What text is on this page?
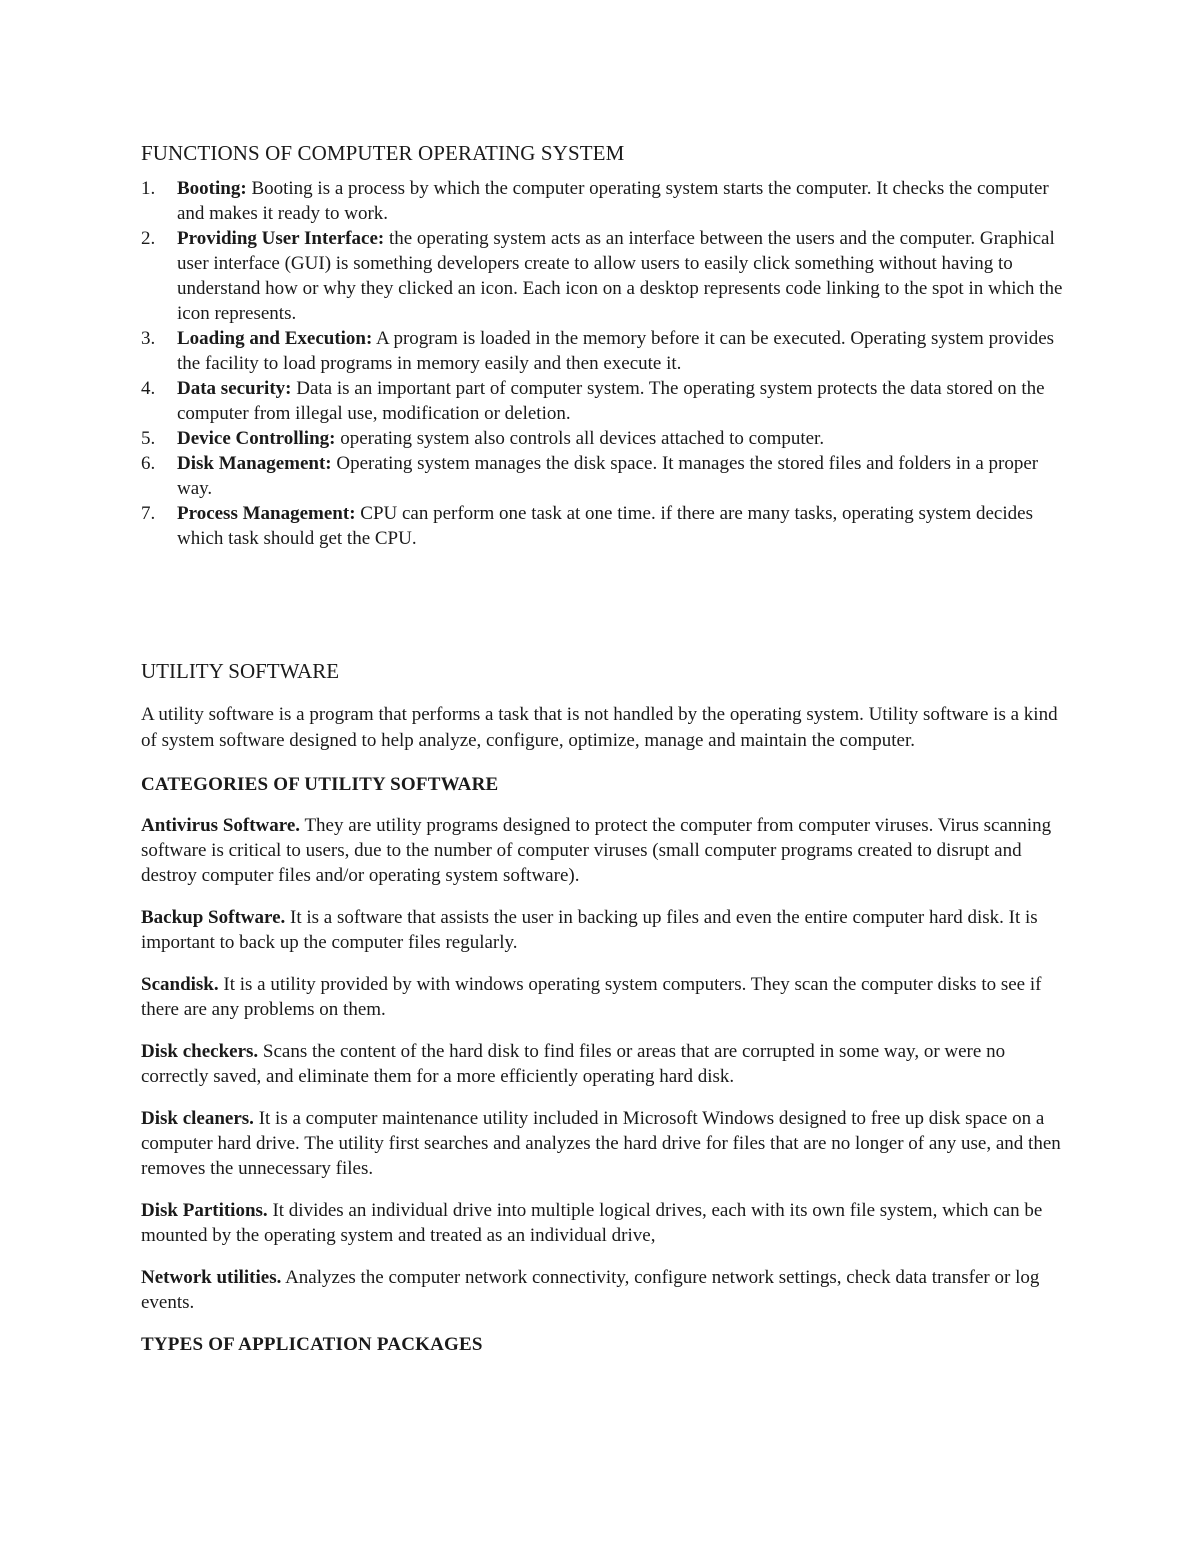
FUNCTIONS OF COMPUTER OPERATING SYSTEM
1. Booting: Booting is a process by which the computer operating system starts the computer. It checks the computer and makes it ready to work.
2. Providing User Interface: the operating system acts as an interface between the users and the computer. Graphical user interface (GUI) is something developers create to allow users to easily click something without having to understand how or why they clicked an icon. Each icon on a desktop represents code linking to the spot in which the icon represents.
3. Loading and Execution: A program is loaded in the memory before it can be executed. Operating system provides the facility to load programs in memory easily and then execute it.
4. Data security: Data is an important part of computer system. The operating system protects the data stored on the computer from illegal use, modification or deletion.
5. Device Controlling: operating system also controls all devices attached to computer.
6. Disk Management: Operating system manages the disk space. It manages the stored files and folders in a proper way.
7. Process Management: CPU can perform one task at one time. if there are many tasks, operating system decides which task should get the CPU.
UTILITY SOFTWARE

A utility software is a program that performs a task that is not handled by the operating system. Utility software is a kind of system software designed to help analyze, configure, optimize, manage and maintain the computer.

CATEGORIES OF UTILITY SOFTWARE

Antivirus Software. They are utility programs designed to protect the computer from computer viruses. Virus scanning software is critical to users, due to the number of computer viruses (small computer programs created to disrupt and destroy computer files and/or operating system software).

Backup Software. It is a software that assists the user in backing up files and even the entire computer hard disk. It is important to back up the computer files regularly.

Scandisk. It is a utility provided by with windows operating system computers. They scan the computer disks to see if there are any problems on them.

Disk checkers. Scans the content of the hard disk to find files or areas that are corrupted in some way, or were no correctly saved, and eliminate them for a more efficiently operating hard disk.

Disk cleaners. It is a computer maintenance utility included in Microsoft Windows designed to free up disk space on a computer hard drive. The utility first searches and analyzes the hard drive for files that are no longer of any use, and then removes the unnecessary files.

Disk Partitions. It divides an individual drive into multiple logical drives, each with its own file system, which can be mounted by the operating system and treated as an individual drive,

Network utilities. Analyzes the computer network connectivity, configure network settings, check data transfer or log events.

TYPES OF APPLICATION PACKAGES
